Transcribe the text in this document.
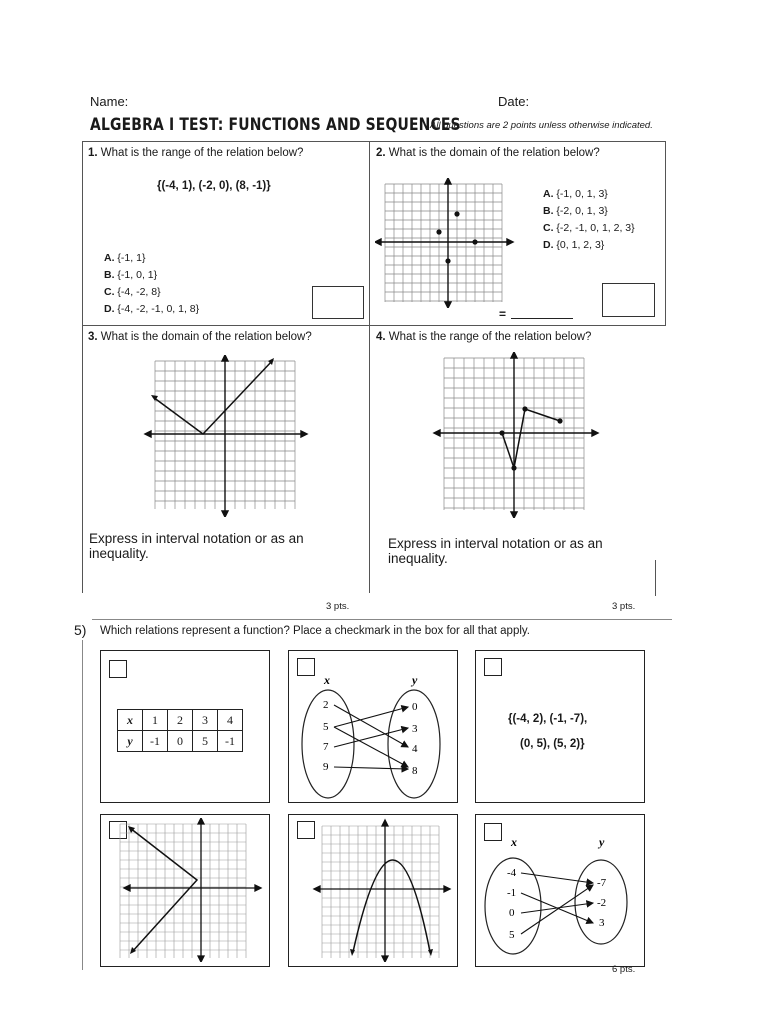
Name:	Date:
ALGEBRA I TEST: FUNCTIONS AND SEQUENCES
All questions are 2 points unless otherwise indicated.
1. What is the range of the relation below?
{(-4, 1), (-2, 0), (8, -1)}
A. {-1, 1}
B. {-1, 0, 1}
C. {-4, -2, 8}
D. {-4, -2, -1, 0, 1, 8}
2. What is the domain of the relation below?
A. {-1, 0, 1, 3}
B. {-2, 0, 1, 3}
C. {-2, -1, 0, 1, 2, 3}
D. {0, 1, 2, 3}
=
3. What is the domain of the relation below?
Express in interval notation or as an inequality.
3 pts.
4. What is the range of the relation below?
Express in interval notation or as an inequality.
3 pts.
5) Which relations represent a function? Place a checkmark in the box for all that apply.
x	1	2	3	4
y	-1	0	5	-1
x	y
2
5
7
9
0
3
4
8
{(-4, 2), (-1, -7),
(0, 5), (5, 2)}
x	y
-4
-1
0
5
-7
-2
3
6 pts.
